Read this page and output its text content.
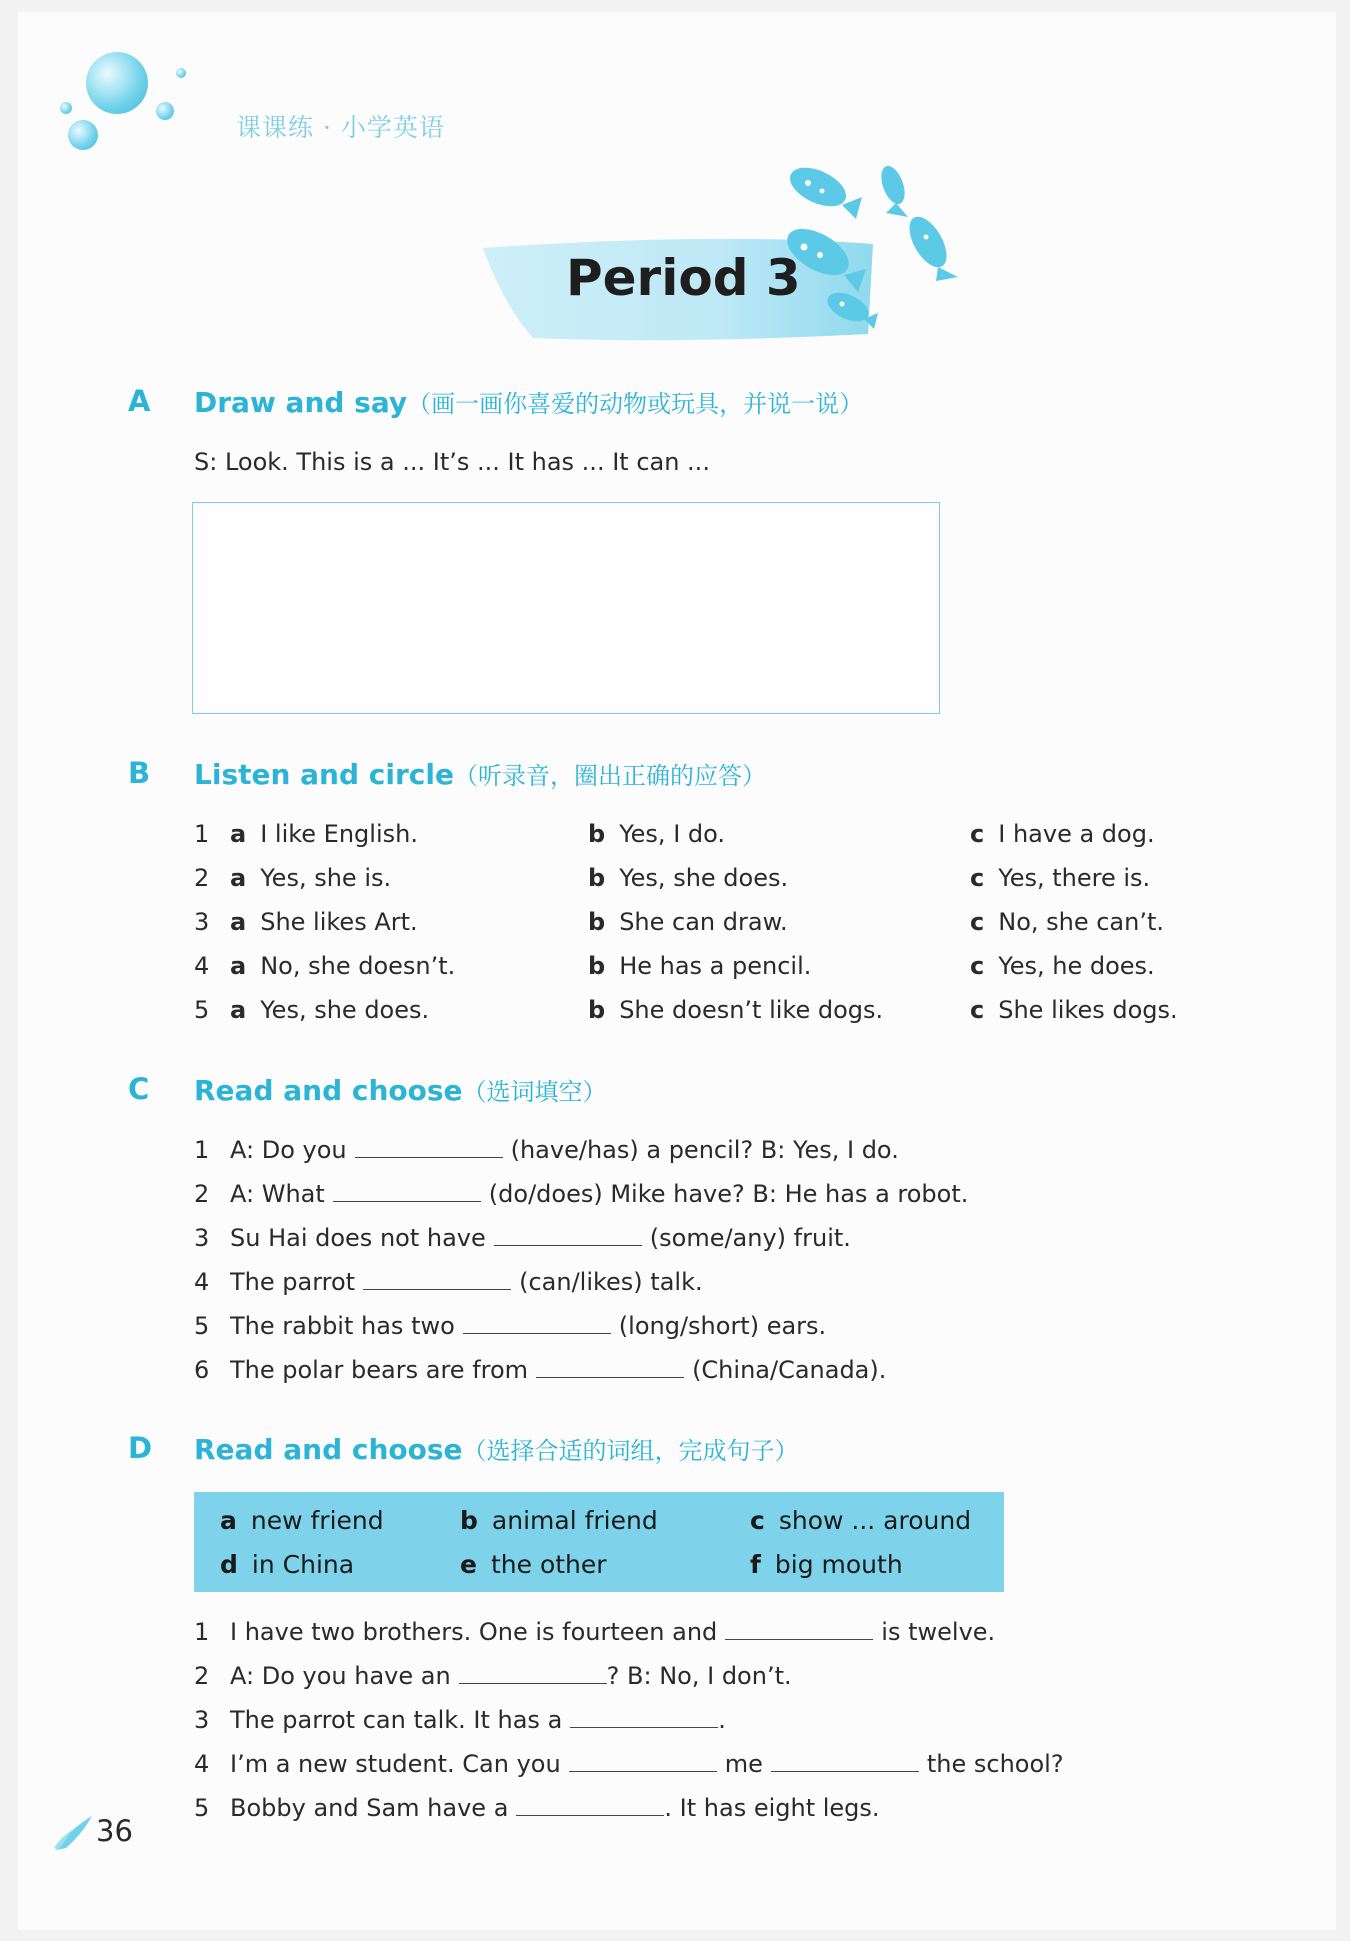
课课练 · 小学英语
Period 3
A Draw and say（画一画你喜爱的动物或玩具，并说一说）
S: Look. This is a ... It’s ... It has ... It can ...
B Listen and circle（听录音，圈出正确的应答）
1 a I like English.	b Yes, I do.	c I have a dog.
2 a Yes, she is.	b Yes, she does.	c Yes, there is.
3 a She likes Art.	b She can draw.	c No, she can’t.
4 a No, she doesn’t.	b He has a pencil.	c Yes, he does.
5 a Yes, she does.	b She doesn’t like dogs.	c She likes dogs.
C Read and choose（选词填空）
1 A: Do you	(have/has) a pencil? B: Yes, I do.
2 A: What	(do/does) Mike have? B: He has a robot.
3 Su Hai does not have	(some/any) fruit.
4 The parrot	(can/likes) talk.
5 The rabbit has two	(long/short) ears.
6 The polar bears are from	(China/Canada).
D Read and choose（选择合适的词组，完成句子）
a new friend	b animal friend	c show ... around
d in China	e the other	f big mouth
1 I have two brothers. One is fourteen and	is twelve.
2 A: Do you have an	? B: No, I don’t.
3 The parrot can talk. It has a	.
4 I’m a new student. Can you	me	the school?
5 Bobby and Sam have a	. It has eight legs.
36
